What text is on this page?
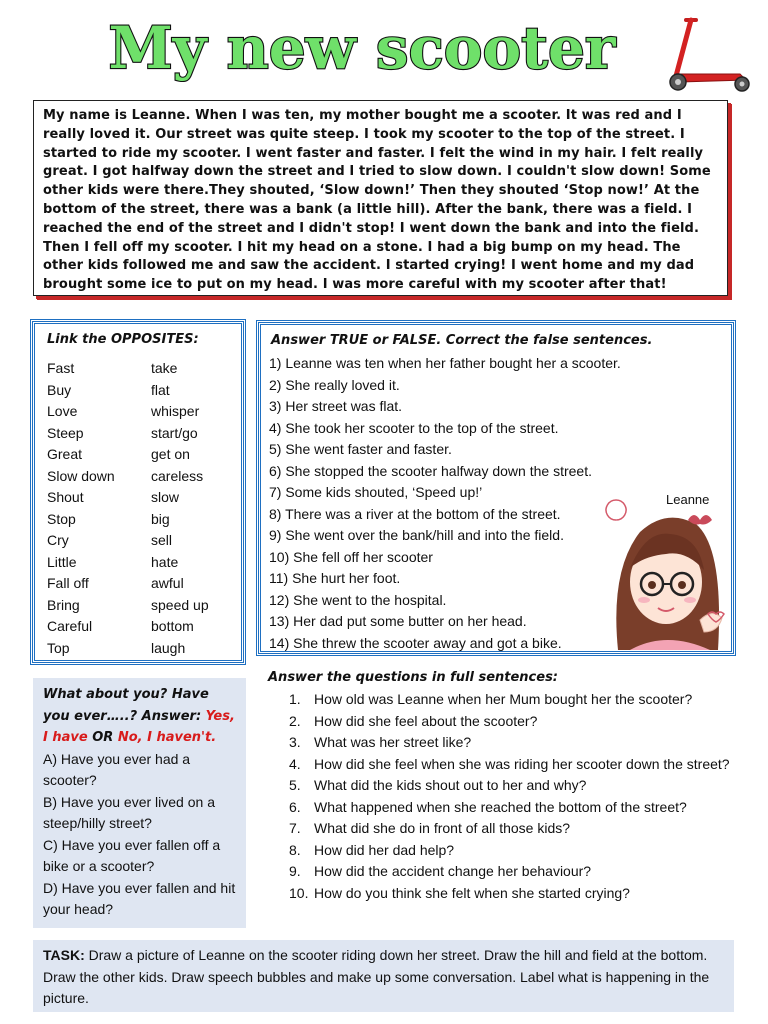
My new scooter

My name is Leanne. When I was ten, my mother bought me a scooter. It was red and I really loved it. Our street was quite steep. I took my scooter to the top of the street. I started to ride my scooter. I went faster and faster. I felt the wind in my hair. I felt really great. I got halfway down the street and I tried to slow down. I couldn't slow down! Some other kids were there.They shouted, ‘Slow down!’ Then they shouted ‘Stop now!’ At the bottom of the street, there was a bank (a little hill). After the bank, there was a field. I reached the end of the street and I didn't stop! I went down the bank and into the field. Then I fell off my scooter. I hit my head on a stone. I had a big bump on my head. The other kids followed me and saw the accident. I started crying! I went home and my dad brought some ice to put on my head. I was more careful with my scooter after that!

Link the OPPOSITES:
Fast
Buy
Love
Steep
Great
Slow down
Shout
Stop
Cry
Little
Fall off
Bring
Careful
Top
take
flat
whisper
start/go
get on
careless
slow
big
sell
hate
awful
speed up
bottom
laugh
Answer TRUE or FALSE. Correct the false sentences.
1) Leanne was ten when her father bought her a scooter.
2) She really loved it.
3) Her street was flat.
4) She took her scooter to the top of the street.
5) She went faster and faster.
6) She stopped the scooter halfway down the street.
7) Some kids shouted, ‘Speed up!’
8) There was a river at the bottom of the street.
9) She went over the bank/hill and into the field.
10) She fell off her scooter
11) She hurt her foot.
12) She went to the hospital.
13) Her dad put some butter on her head.
14) She threw the scooter away and got a bike.
Leanne

What about you? Have you ever…..? Answer: Yes, I have OR No, I haven't.

A) Have you ever had a scooter?

B) Have you ever lived on a steep/hilly street?

C) Have you ever fallen off a bike or a scooter?

D) Have you ever fallen and hit your head?

Answer the questions in full sentences:
1. How old was Leanne when her Mum bought her the scooter?
2. How did she feel about the scooter?
3. What was her street like?
4. How did she feel when she was riding her scooter down the street?
5. What did the kids shout out to her and why?
6. What happened when she reached the bottom of the street?
7. What did she do in front of all those kids?
8. How did her dad help?
9. How did the accident change her behaviour?
10. How do you think she felt when she started crying?
TASK: Draw a picture of Leanne on the scooter riding down her street. Draw the hill and field at the bottom. Draw the other kids. Draw speech bubbles and make up some conversation. Label what is happening in the picture.
